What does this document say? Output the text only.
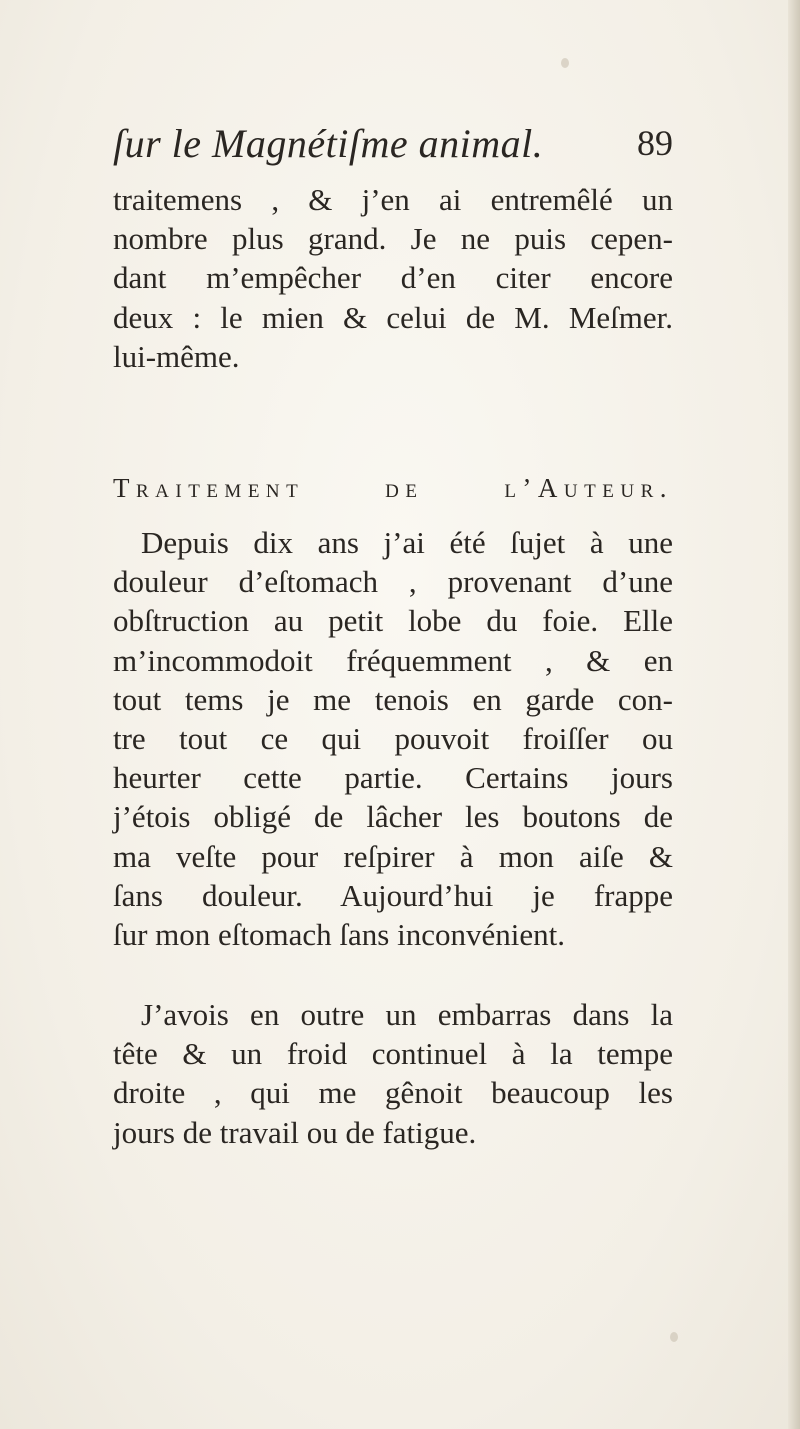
ſur le Magnétiſme animal.	89
traitemens , & j’en ai entremêlé un
nombre plus grand. Je ne puis cepen-
dant m’empêcher d’en citer encore
deux : le mien & celui de M. Meſmer.
lui-même.
Traitement de l’Auteur.
Depuis dix ans j’ai été ſujet à une
douleur d’eſtomach , provenant d’une
obſtruction au petit lobe du foie. Elle
m’incommodoit fréquemment , & en
tout tems je me tenois en garde con-
tre tout ce qui pouvoit froiſſer ou
heurter cette partie. Certains jours
j’étois obligé de lâcher les boutons de
ma veſte pour reſpirer à mon aiſe &
ſans douleur. Aujourd’hui je frappe
ſur mon eſtomach ſans inconvénient.
J’avois en outre un embarras dans la
tête & un froid continuel à la tempe
droite , qui me gênoit beaucoup les
jours de travail ou de fatigue.
